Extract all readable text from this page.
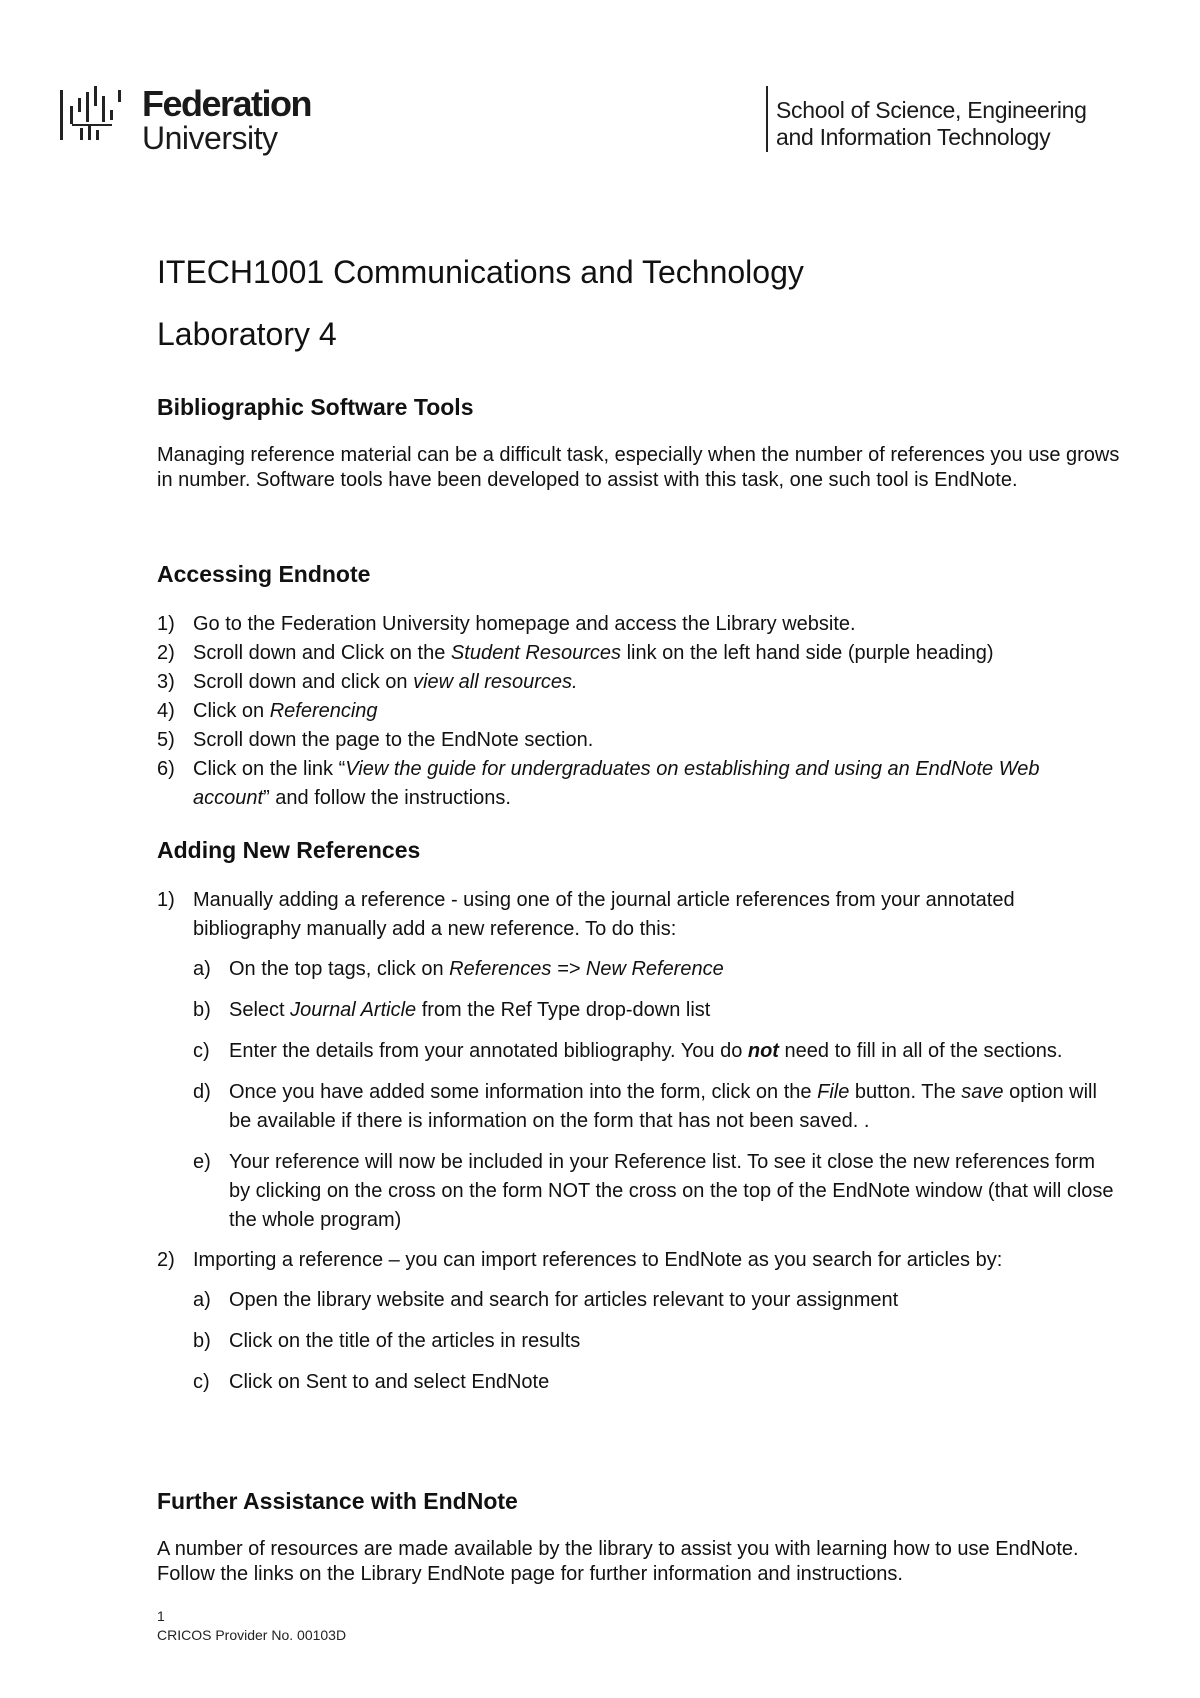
Federation
University
School of Science, Engineering
and Information Technology
ITECH1001 Communications and Technology
Laboratory 4
Bibliographic Software Tools
Managing reference material can be a difficult task, especially when the number of references you use grows in number. Software tools have been developed to assist with this task, one such tool is EndNote.
Accessing Endnote
1) Go to the Federation University homepage and access the Library website.
2) Scroll down and Click on the Student Resources link on the left hand side (purple heading)
3) Scroll down and click on view all resources.
4) Click on Referencing
5) Scroll down the page to the EndNote section.
6) Click on the link “View the guide for undergraduates on establishing and using an EndNote Web account” and follow the instructions.
Adding New References
1) Manually adding a reference - using one of the journal article references from your annotated bibliography manually add a new reference. To do this:
a) On the top tags, click on References => New Reference
b) Select Journal Article from the Ref Type drop-down list
c) Enter the details from your annotated bibliography. You do not need to fill in all of the sections.
d) Once you have added some information into the form, click on the File button. The save option will be available if there is information on the form that has not been saved. .
e) Your reference will now be included in your Reference list. To see it close the new references form by clicking on the cross on the form NOT the cross on the top of the EndNote window (that will close the whole program)
2) Importing a reference – you can import references to EndNote as you search for articles by:
a) Open the library website and search for articles relevant to your assignment
b) Click on the title of the articles in results
c) Click on Sent to and select EndNote
Further Assistance with EndNote
A number of resources are made available by the library to assist you with learning how to use EndNote. Follow the links on the Library EndNote page for further information and instructions.
1
CRICOS Provider No. 00103D
